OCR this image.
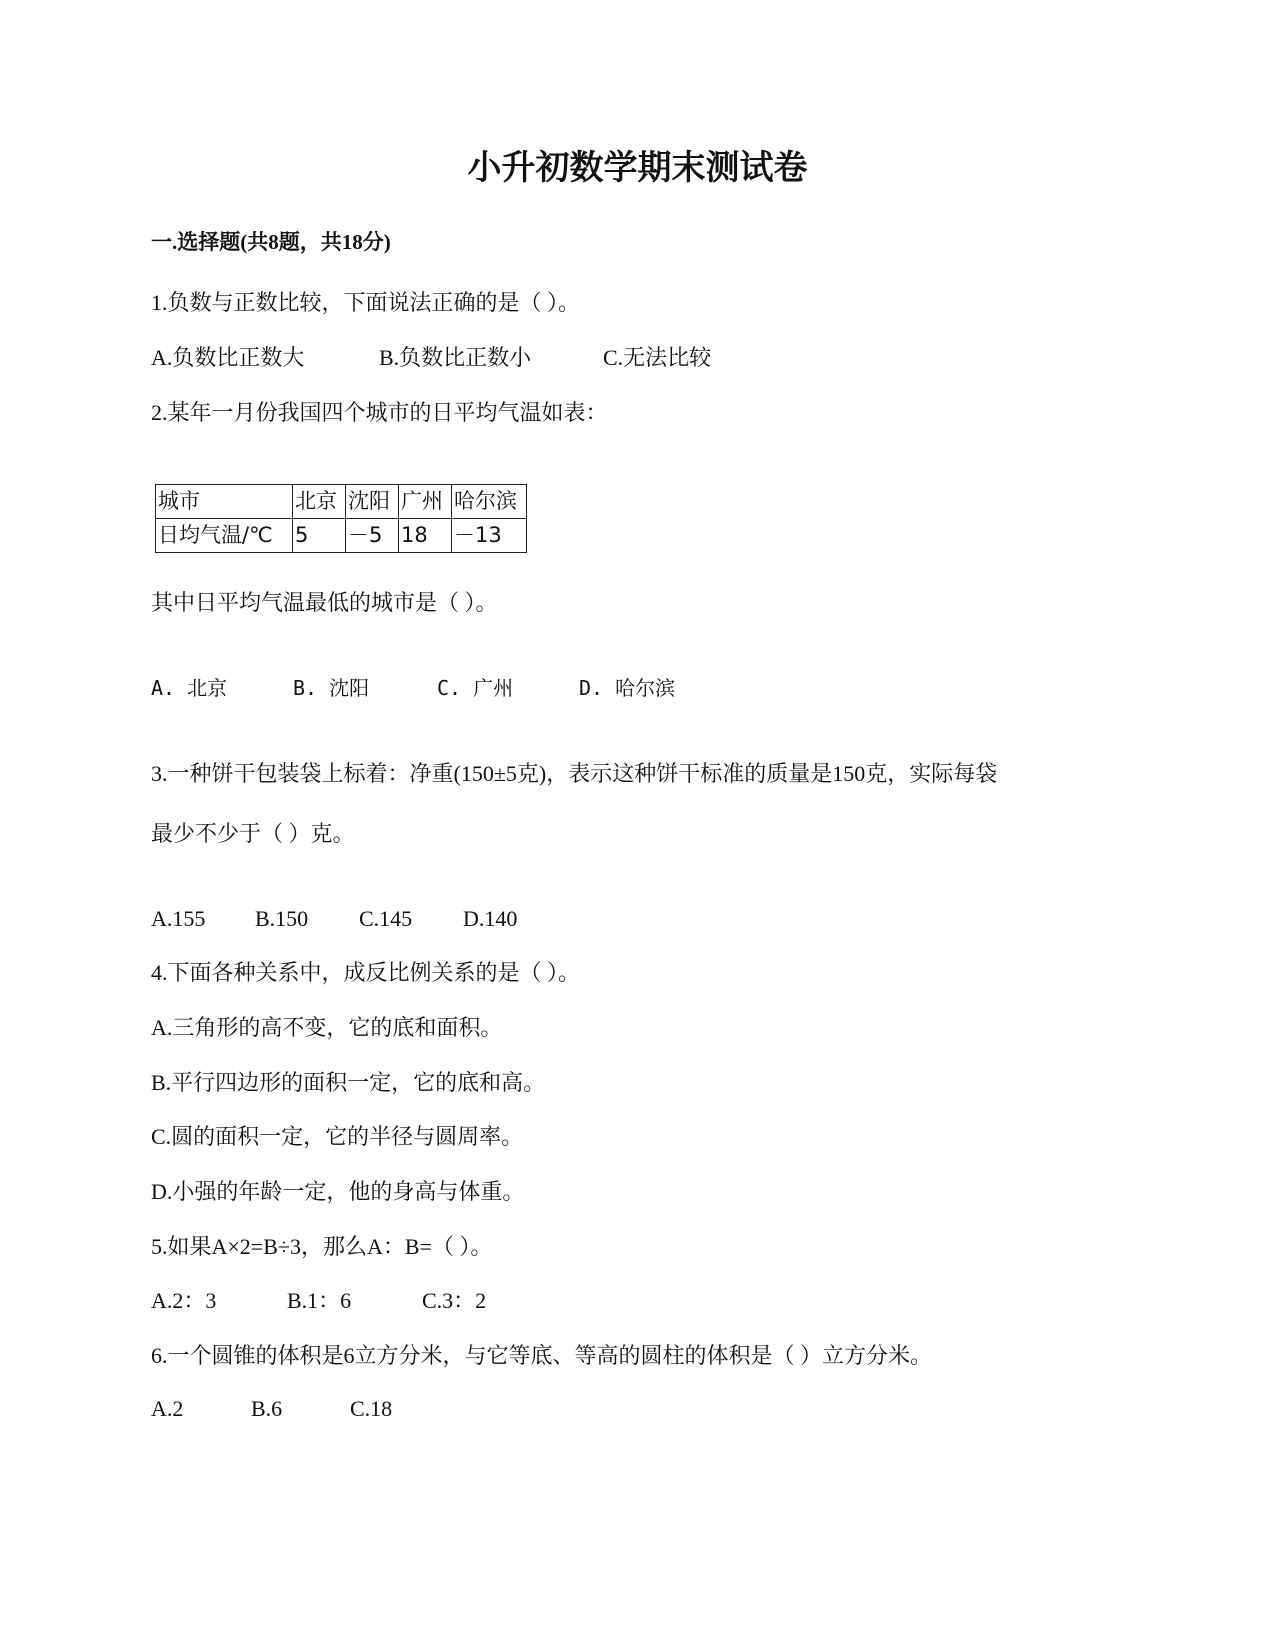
小升初数学期末测试卷
一.选择题(共8题，共18分)
1.负数与正数比较，下面说法正确的是（ ）。
A.负数比正数大	B.负数比正数小	C.无法比较
2.某年一月份我国四个城市的日平均气温如表：
城市	北京	沈阳	广州	哈尔滨
日均气温/℃	5	－5	18	－13
其中日平均气温最低的城市是（ ）。
A. 北京	B. 沈阳	C. 广州	D. 哈尔滨
3.一种饼干包装袋上标着：净重(150±5克)，表示这种饼干标准的质量是150克，实际每袋
最少不少于（ ）克。
A.155 B.150 C.145 D.140
4.下面各种关系中，成反比例关系的是（ ）。
A.三角形的高不变，它的底和面积。
B.平行四边形的面积一定，它的底和高。
C.圆的面积一定，它的半径与圆周率。
D.小强的年龄一定，他的身高与体重。
5.如果A×2=B÷3，那么A：B=（ ）。
A.2：3	B.1：6	C.3：2
6.一个圆锥的体积是6立方分米，与它等底、等高的圆柱的体积是（ ）立方分米。
A.2	B.6	C.18
